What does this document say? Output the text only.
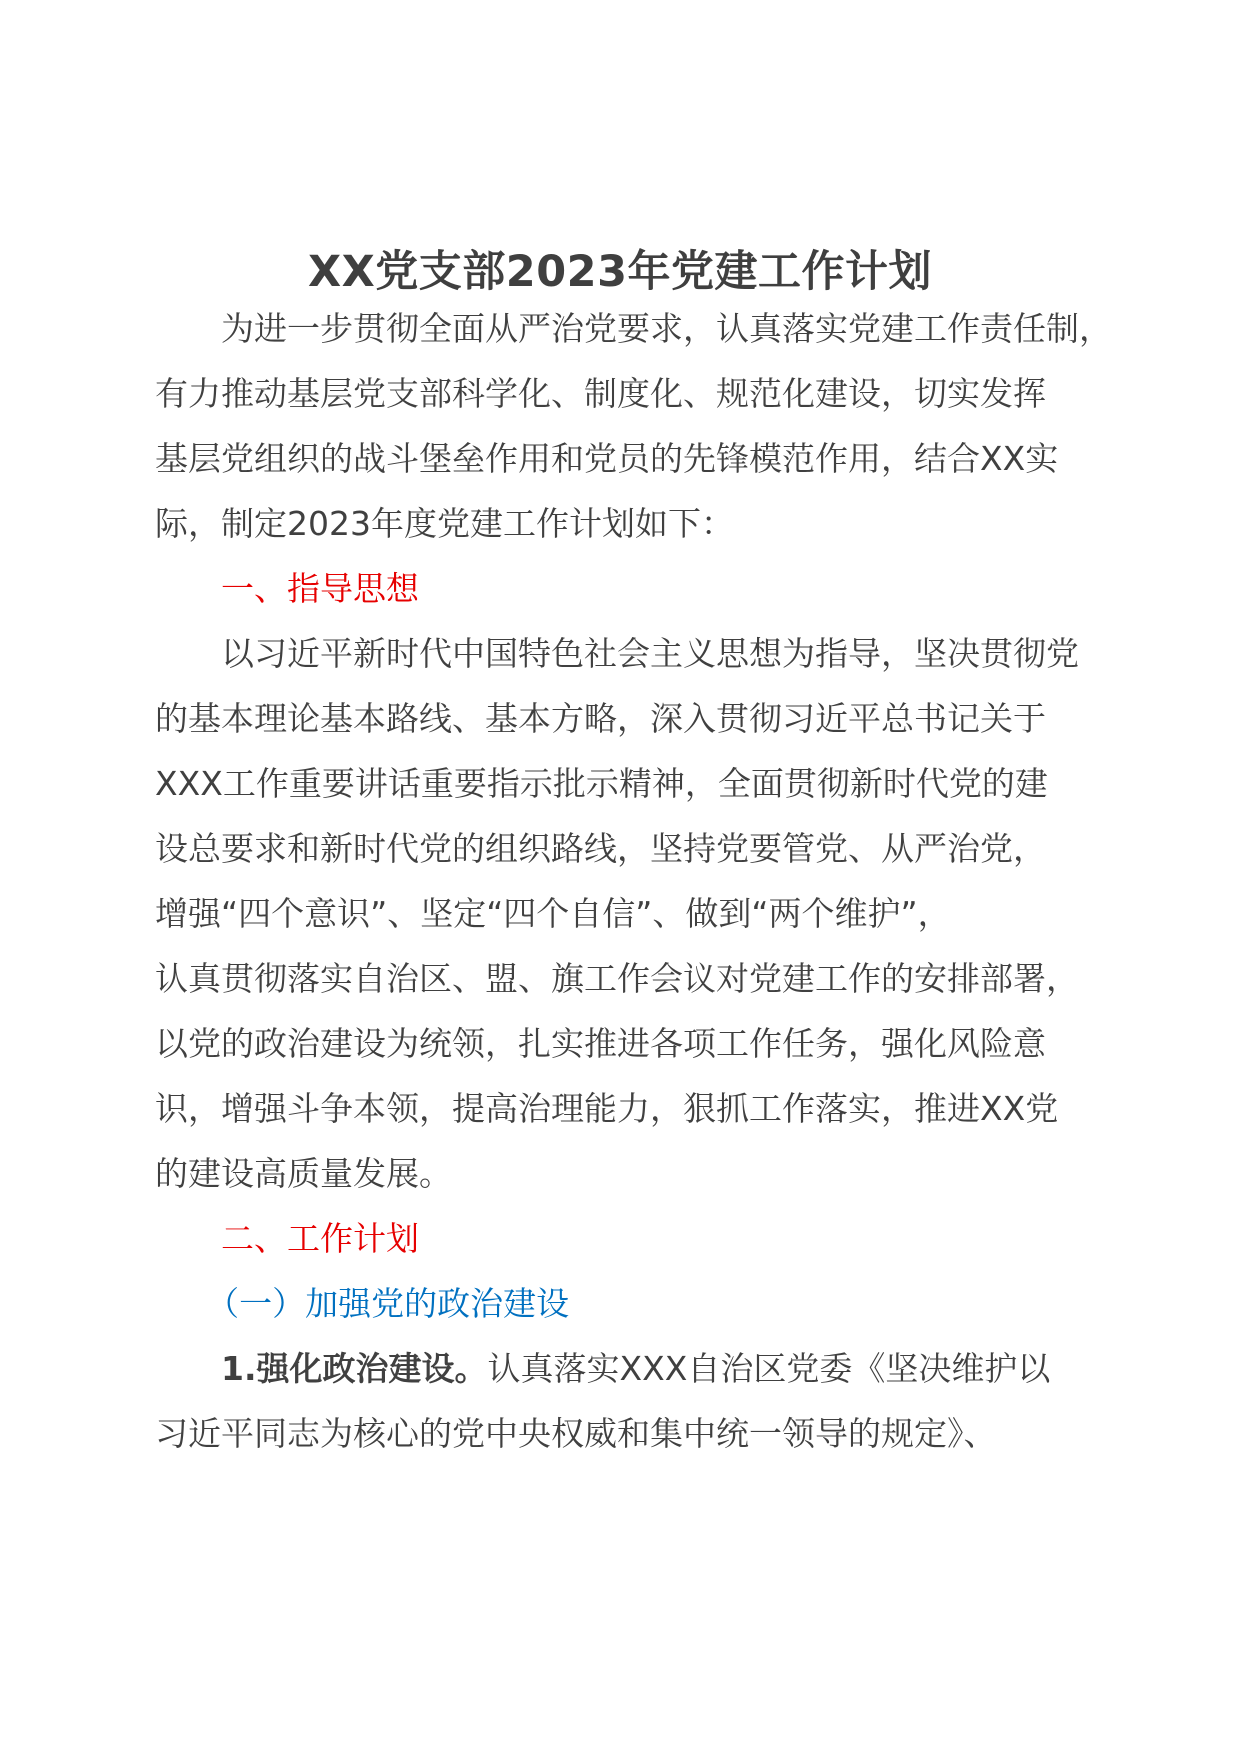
XX党支部2023年党建工作计划
为进一步贯彻全面从严治党要求，认真落实党建工作责任制，
有力推动基层党支部科学化、制度化、规范化建设，切实发挥
基层党组织的战斗堡垒作用和党员的先锋模范作用，结合XX实
际，制定2023年度党建工作计划如下：
一、指导思想
以习近平新时代中国特色社会主义思想为指导，坚决贯彻党
的基本理论基本路线、基本方略，深入贯彻习近平总书记关于
XXX工作重要讲话重要指示批示精神，全面贯彻新时代党的建
设总要求和新时代党的组织路线，坚持党要管党、从严治党，
增强“四个意识”、坚定“四个自信”、做到“两个维护”，
认真贯彻落实自治区、盟、旗工作会议对党建工作的安排部署，
以党的政治建设为统领，扎实推进各项工作任务，强化风险意
识，增强斗争本领，提高治理能力，狠抓工作落实，推进XX党
的建设高质量发展。
二、工作计划
（一）加强党的政治建设
1.强化政治建设。认真落实XXX自治区党委《坚决维护以
习近平同志为核心的党中央权威和集中统一领导的规定》、
